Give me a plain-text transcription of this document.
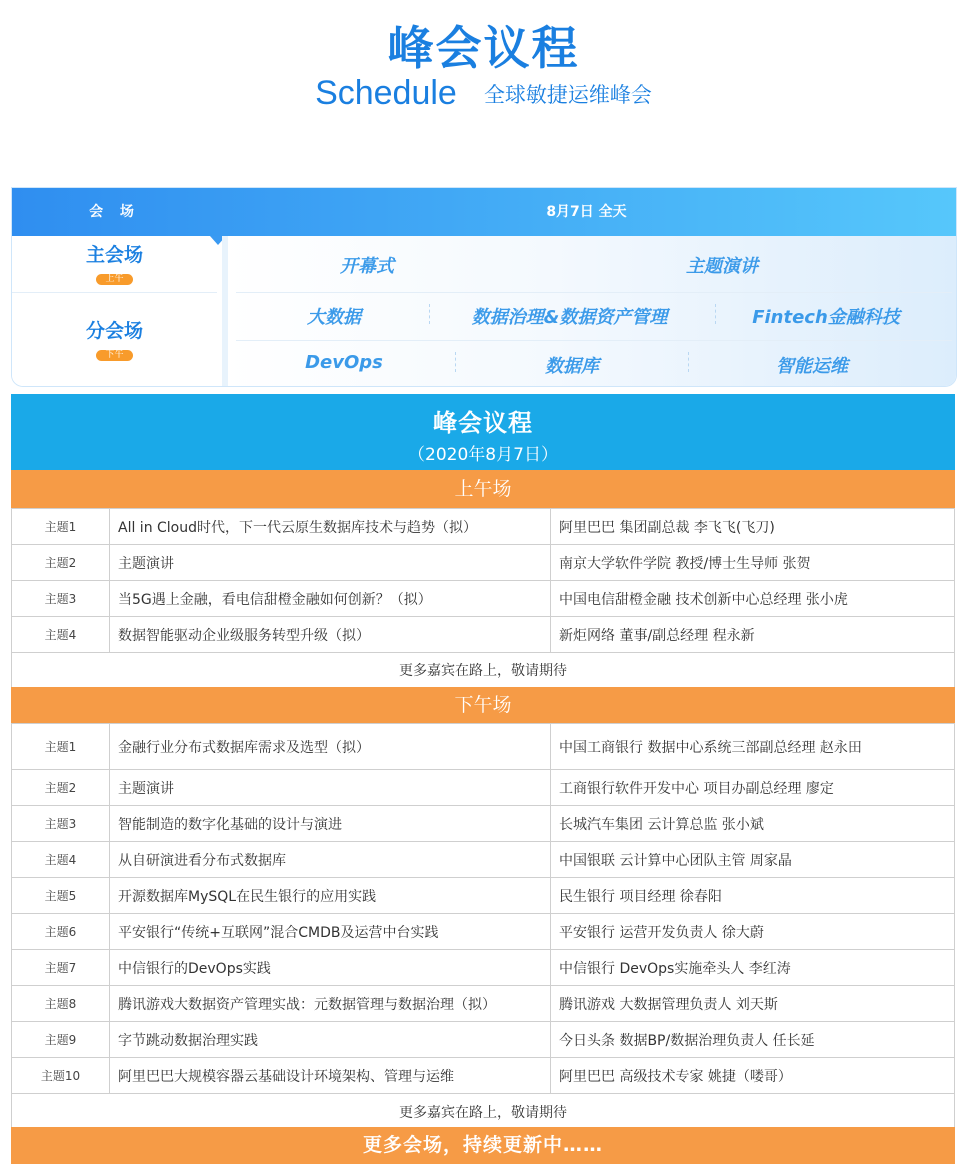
峰会议程
Schedule 全球敏捷运维峰会
会 场	8月7日 全天
主会场
上午
分会场
下午
开幕式	主题演讲
大数据	数据治理&数据资产管理	Fintech金融科技
DevOps	数据库	智能运维
峰会议程
（2020年8月7日）
上午场
主题1	All in Cloud时代，下一代云原生数据库技术与趋势（拟）	阿里巴巴 集团副总裁 李飞飞(飞刀)
主题2	主题演讲	南京大学软件学院 教授/博士生导师 张贺
主题3	当5G遇上金融，看电信甜橙金融如何创新？（拟）	中国电信甜橙金融 技术创新中心总经理 张小虎
主题4	数据智能驱动企业级服务转型升级（拟）	新炬网络 董事/副总经理 程永新
更多嘉宾在路上，敬请期待		
下午场
主题1	金融行业分布式数据库需求及选型（拟）	中国工商银行 数据中心系统三部副总经理 赵永田
主题2	主题演讲	工商银行软件开发中心 项目办副总经理 廖定
主题3	智能制造的数字化基础的设计与演进	长城汽车集团 云计算总监 张小斌
主题4	从自研演进看分布式数据库	中国银联 云计算中心团队主管 周家晶
主题5	开源数据库MySQL在民生银行的应用实践	民生银行 项目经理 徐春阳
主题6	平安银行“传统+互联网”混合CMDB及运营中台实践	平安银行 运营开发负责人 徐大蔚
主题7	中信银行的DevOps实践	中信银行 DevOps实施牵头人 李红涛
主题8	腾讯游戏大数据资产管理实战：元数据管理与数据治理（拟）	腾讯游戏 大数据管理负责人 刘天斯
主题9	字节跳动数据治理实践	今日头条 数据BP/数据治理负责人 任长延
主题10	阿里巴巴大规模容器云基础设计环境架构、管理与运维	阿里巴巴 高级技术专家 姚捷（喽哥）
更多嘉宾在路上，敬请期待		
更多会场，持续更新中……
